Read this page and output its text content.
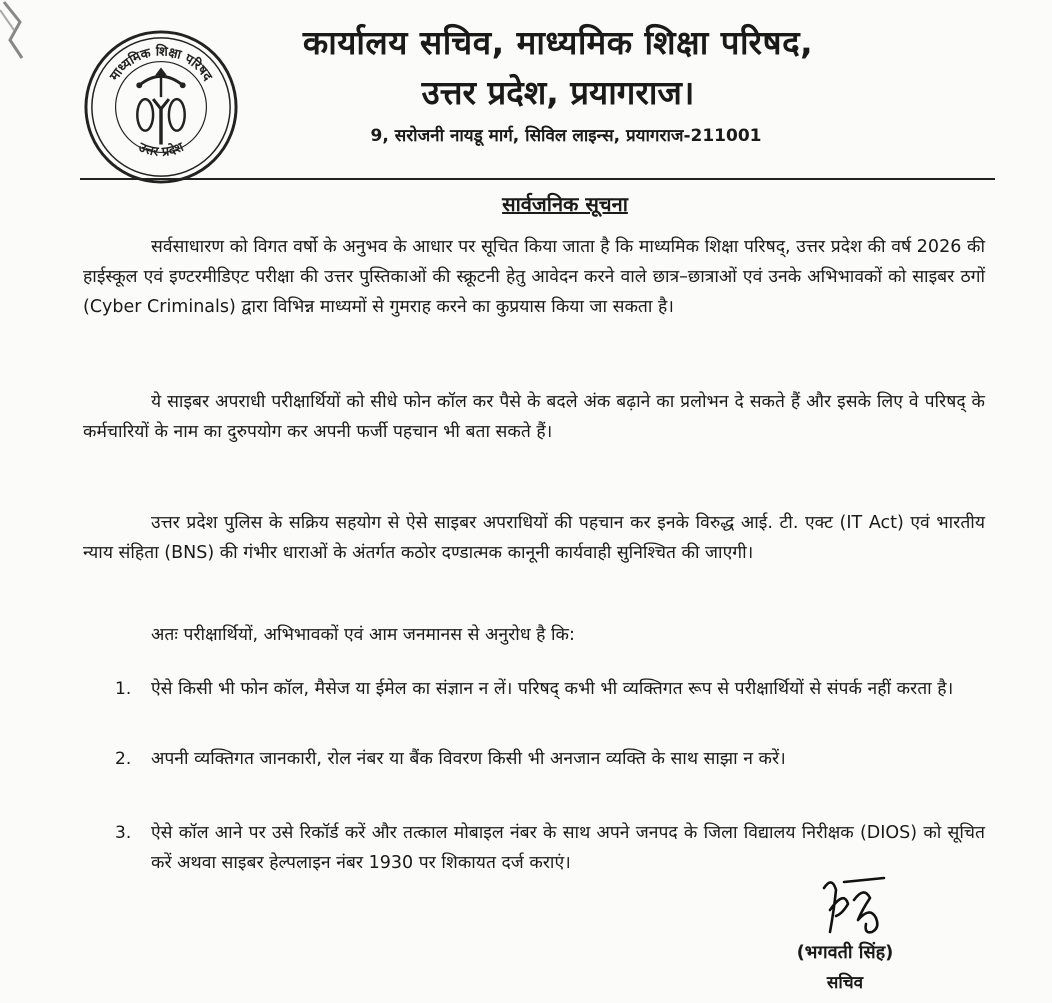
माध्यमिक शिक्षा परिषद
उत्तर प्रदेश
कार्यालय सचिव, माध्यमिक शिक्षा परिषद,
उत्तर प्रदेश, प्रयागराज।
9, सरोजनी नायडू मार्ग, सिविल लाइन्स, प्रयागराज-211001
सार्वजनिक सूचना

सर्वसाधारण को विगत वर्षो के अनुभव के आधार पर सूचित किया जाता है कि माध्यमिक शिक्षा परिषद्, उत्तर प्रदेश की वर्ष 2026 की हाईस्कूल एवं इण्टरमीडिएट परीक्षा की उत्तर पुस्तिकाओं की स्क्रूटनी हेतु आवेदन करने वाले छात्र–छात्राओं एवं उनके अभिभावकों को साइबर ठगों (Cyber Criminals) द्वारा विभिन्न माध्यमों से गुमराह करने का कुप्रयास किया जा सकता है।

ये साइबर अपराधी परीक्षार्थियों को सीधे फोन कॉल कर पैसे के बदले अंक बढ़ाने का प्रलोभन दे सकते हैं और इसके लिए वे परिषद् के कर्मचारियों के नाम का दुरुपयोग कर अपनी फर्जी पहचान भी बता सकते हैं।

उत्तर प्रदेश पुलिस के सक्रिय सहयोग से ऐसे साइबर अपराधियों की पहचान कर इनके विरुद्ध आई. टी. एक्ट (IT Act) एवं भारतीय न्याय संहिता (BNS) की गंभीर धाराओं के अंतर्गत कठोर दण्डात्मक कानूनी कार्यवाही सुनिश्चित की जाएगी।

अतः परीक्षार्थियों, अभिभावकों एवं आम जनमानस से अनुरोध है कि:

1.	ऐसे किसी भी फोन कॉल, मैसेज या ईमेल का संज्ञान न लें। परिषद् कभी भी व्यक्तिगत रूप से परीक्षार्थियों से संपर्क नहीं करता है।

2.	अपनी व्यक्तिगत जानकारी, रोल नंबर या बैंक विवरण किसी भी अनजान व्यक्ति के साथ साझा न करें।

3.	ऐसे कॉल आने पर उसे रिकॉर्ड करें और तत्काल मोबाइल नंबर के साथ अपने जनपद के जिला विद्यालय निरीक्षक (DIOS) को सूचित करें अथवा साइबर हेल्पलाइन नंबर 1930 पर शिकायत दर्ज कराएं।

(भगवती सिंह)
सचिव
